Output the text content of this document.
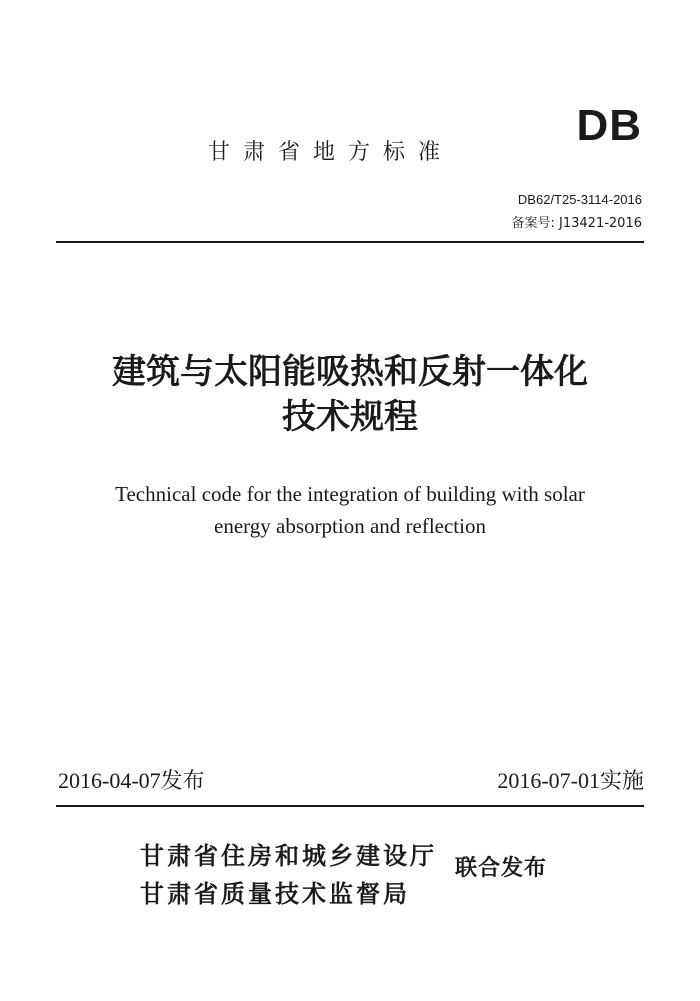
DB
甘肃省地方标准
DB62/T25-3114-2016
备案号: J13421-2016
建筑与太阳能吸热和反射一体化
技术规程
Technical code for the integration of building with solar
energy absorption and reflection
2016-04-07发布	2016-07-01实施
甘肃省住房和城乡建设厅
甘肃省质量技术监督局
联合发布
